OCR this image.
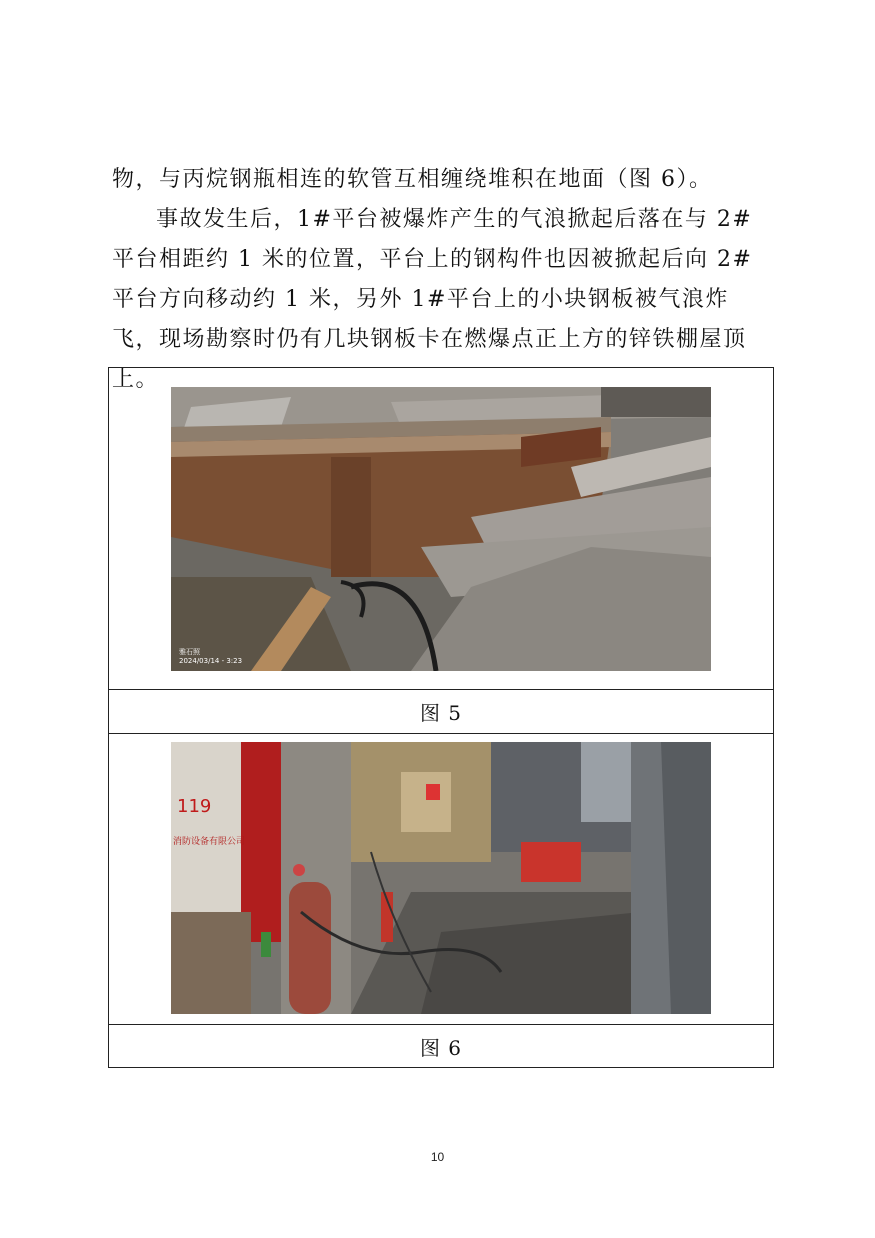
物，与丙烷钢瓶相连的软管互相缠绕堆积在地面（图 6）。

事故发生后，1#平台被爆炸产生的气浪掀起后落在与 2#平台相距约 1 米的位置，平台上的钢构件也因被掀起后向 2#平台方向移动约 1 米，另外 1#平台上的小块钢板被气浪炸飞，现场勘察时仍有几块钢板卡在燃爆点正上方的锌铁棚屋顶上。

雅石照
2024/03/14 - 3:23
图 5
119
消防设备有限公司
图 6
10
